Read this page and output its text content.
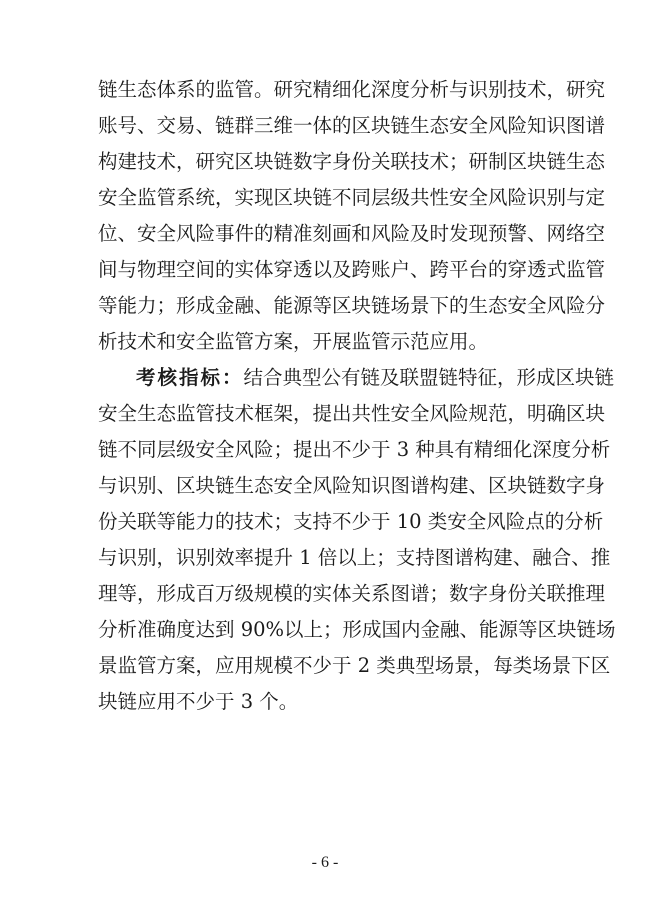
链生态体系的监管。研究精细化深度分析与识别技术，研究
账号、交易、链群三维一体的区块链生态安全风险知识图谱
构建技术，研究区块链数字身份关联技术；研制区块链生态
安全监管系统，实现区块链不同层级共性安全风险识别与定
位、安全风险事件的精准刻画和风险及时发现预警、网络空
间与物理空间的实体穿透以及跨账户、跨平台的穿透式监管
等能力；形成金融、能源等区块链场景下的生态安全风险分
析技术和安全监管方案，开展监管示范应用。
考核指标：结合典型公有链及联盟链特征，形成区块链
安全生态监管技术框架，提出共性安全风险规范，明确区块
链不同层级安全风险；提出不少于 3 种具有精细化深度分析
与识别、区块链生态安全风险知识图谱构建、区块链数字身
份关联等能力的技术；支持不少于 10 类安全风险点的分析
与识别，识别效率提升 1 倍以上；支持图谱构建、融合、推
理等，形成百万级规模的实体关系图谱；数字身份关联推理
分析准确度达到 90%以上；形成国内金融、能源等区块链场
景监管方案，应用规模不少于 2 类典型场景，每类场景下区
块链应用不少于 3 个。
- 6 -
